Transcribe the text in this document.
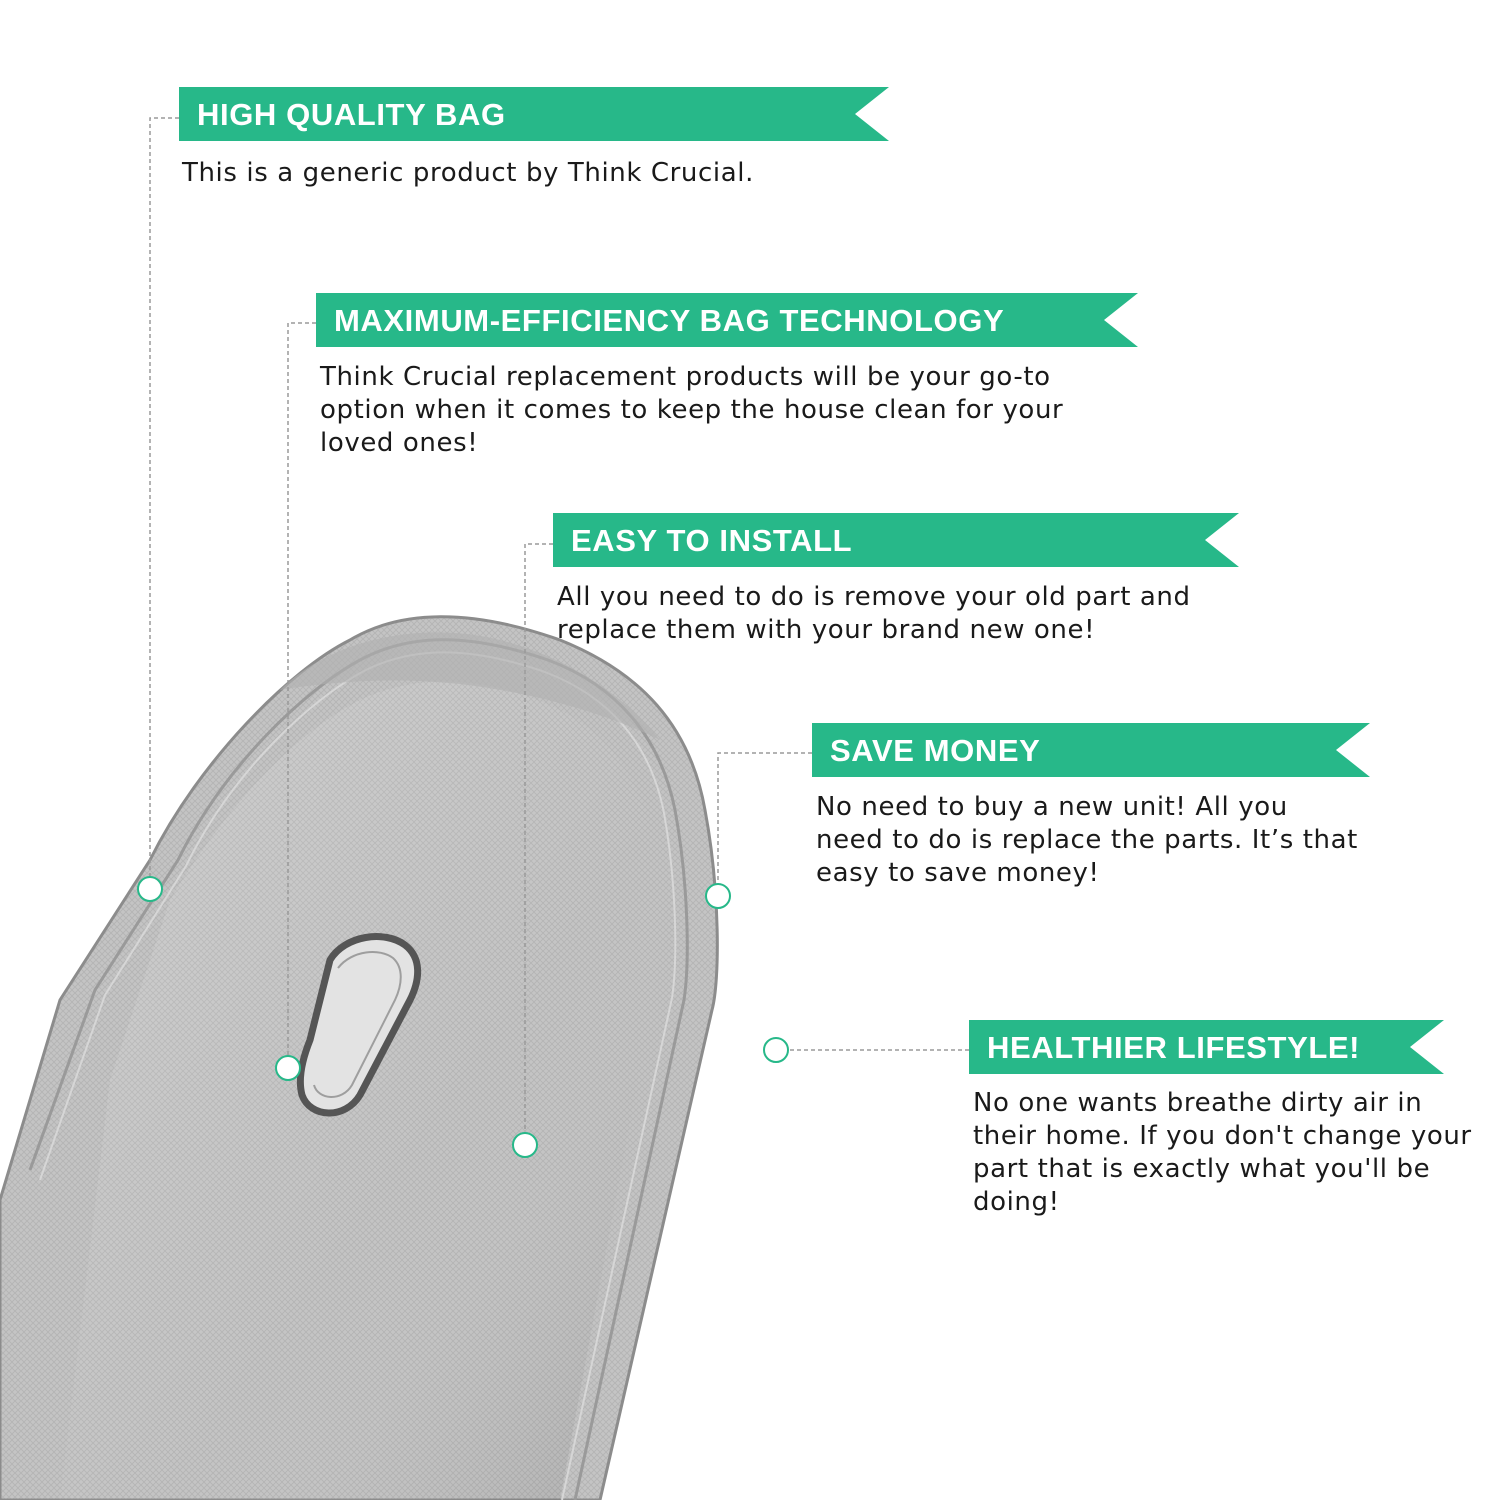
HIGH QUALITY BAG
This is a generic product by Think Crucial.
MAXIMUM-EFFICIENCY BAG TECHNOLOGY
Think Crucial replacement products will be your go-to
option when it comes to keep the house clean for your
loved ones!
EASY TO INSTALL
All you need to do is remove your old part and
replace them with your brand new one!
SAVE MONEY
No need to buy a new unit! All you
need to do is replace the parts. It’s that
easy to save money!
HEALTHIER LIFESTYLE!
No one wants breathe dirty air in
their home. If you don't change your
part that is exactly what you'll be
doing!
